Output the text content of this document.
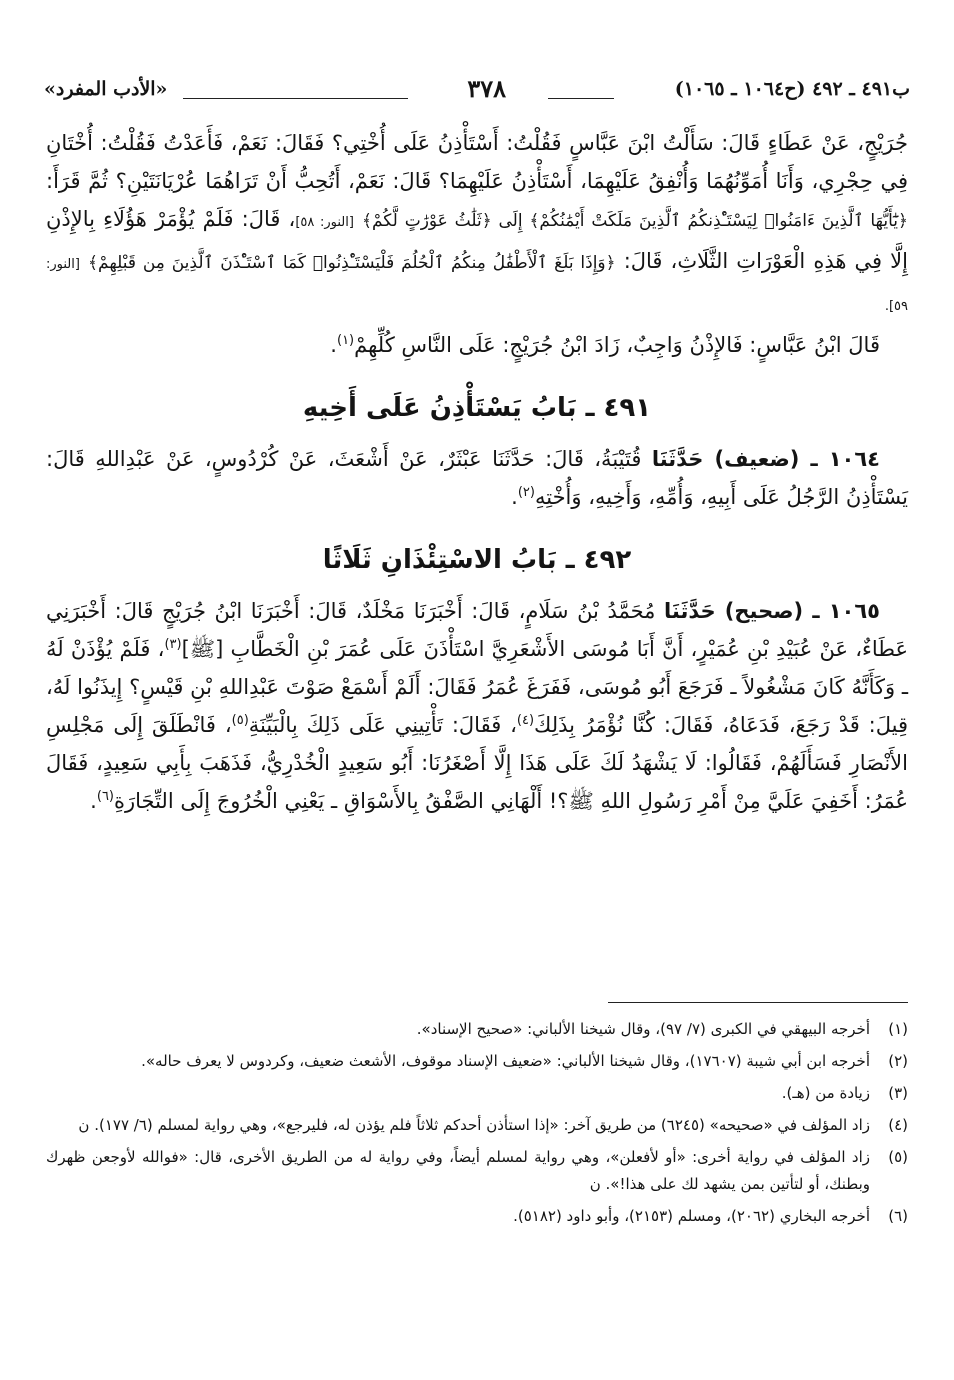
ب٤٩١ ـ ٤٩٢ (ح١٠٦٤ ـ ١٠٦٥)
٣٧٨
«الأدب المفرد»

جُرَيْجٍ، عَنْ عَطَاءٍ قَالَ: سَأَلْتُ ابْنَ عَبَّاسٍ فَقُلْتُ: أَسْتَأْذِنُ عَلَى أُخْتِي؟ فَقَالَ: نَعَمْ، فَأَعَدْتُ فَقُلْتُ: أُخْتَانِ فِي حِجْرِي، وَأَنَا أُمَوِّنُهُمَا وَأُنْفِقُ عَلَيْهِمَا، أَسْتَأْذِنُ عَلَيْهِمَا؟ قَالَ: نَعَمْ، أَتُحِبُّ أَنْ تَرَاهُمَا عُرْيَانَتَيْنِ؟ ثُمَّ قَرَأَ: ﴿يَٰٓأَيُّهَا ٱلَّذِينَ ءَامَنُوا۟ لِيَسْتَـْٔذِنكُمُ ٱلَّذِينَ مَلَكَتْ أَيْمَٰنُكُمْ﴾ إِلَى ﴿ثَلَٰثُ عَوْرَٰتٍ لَّكُمْ﴾ [النور: ٥٨]، قَالَ: فَلَمْ يُؤْمَرْ هَؤُلَاءِ بِالإِذْنِ إِلَّا فِي هَذِهِ الْعَوْرَاتِ الثَّلَاثِ، قَالَ: ﴿وَإِذَا بَلَغَ ٱلْأَطْفَٰلُ مِنكُمُ ٱلْحُلُمَ فَلْيَسْتَـْٔذِنُوا۟ كَمَا ٱسْتَـْٔذَنَ ٱلَّذِينَ مِن قَبْلِهِمْ﴾ [النور: ٥٩].

قَالَ ابْنُ عَبَّاسٍ: فَالإِذْنُ وَاجِبٌ، زَادَ ابْنُ جُرَيْجٍ: عَلَى النَّاسِ كُلِّهِمْ$^{(١)}$.

٤٩١ ـ بَابُ يَسْتَأْذِنُ عَلَى أَخِيهِ

١٠٦٤ ـ (ضعيف) حَدَّثَنَا قُتَيْبَةُ، قَالَ: حَدَّثَنَا عَبْثَرٌ، عَنْ أَشْعَثَ، عَنْ كُرْدُوسٍ، عَنْ عَبْدِاللهِ قَالَ: يَسْتَأْذِنُ الرَّجُلُ عَلَى أَبِيهِ، وَأُمِّهِ، وَأَخِيهِ، وَأُخْتِهِ$^{(٢)}$.

٤٩٢ ـ بَابُ الاسْتِئْذَانِ ثَلَاثًا

١٠٦٥ ـ (صحيح) حَدَّثَنَا مُحَمَّدُ بْنُ سَلَامٍ، قَالَ: أَخْبَرَنَا مَخْلَدٌ، قَالَ: أَخْبَرَنَا ابْنُ جُرَيْجٍ قَالَ: أَخْبَرَنِي عَطَاءٌ، عَنْ عُبَيْدِ بْنِ عُمَيْرٍ، أَنَّ أَبَا مُوسَى الأَشْعَرِيَّ اسْتَأْذَنَ عَلَى عُمَرَ بْنِ الْخَطَّابِ [ﷺ]$^{(٣)}$، فَلَمْ يُؤْذَنْ لَهُ ـ وَكَأَنَّهُ كَانَ مَشْغُولاً ـ فَرَجَعَ أَبُو مُوسَى، فَفَرَغَ عُمَرُ فَقَالَ: أَلَمْ أَسْمَعْ صَوْتَ عَبْدِاللهِ بْنِ قَيْسٍ؟ إِيذَنُوا لَهُ، قِيلَ: قَدْ رَجَعَ، فَدَعَاهُ، فَقَالَ: كُنَّا نُؤْمَرُ بِذَلِكَ$^{(٤)}$، فَقَالَ: تَأْتِينِي عَلَى ذَلِكَ بِالْبَيِّنَةِ$^{(٥)}$، فَانْطَلَقَ إِلَى مَجْلِسِ الأَنْصَارِ فَسَأَلَهُمْ، فَقَالُوا: لَا يَشْهَدُ لَكَ عَلَى هَذَا إِلَّا أَصْغَرُنَا: أَبُو سَعِيدٍ الْخُدْرِيُّ، فَذَهَبَ بِأَبِي سَعِيدٍ، فَقَالَ عُمَرُ: أَخَفِيَ عَلَيَّ مِنْ أَمْرِ رَسُولِ اللهِ ﷺ؟! أَلْهَانِي الصَّفْقُ بِالأَسْوَاقِ ـ يَعْنِي الْخُرُوجَ إِلَى التِّجَارَةِ$^{(٦)}$.

(١)
أخرجه البيهقي في الكبرى (٧/ ٩٧)، وقال شيخنا الألباني: «صحيح الإسناد».
(٢)
أخرجه ابن أبي شيبة (١٧٦٠٧)، وقال شيخنا الألباني: «ضعيف الإسناد موقوف، الأشعث ضعيف، وكردوس لا يعرف حاله».
(٣)
زيادة من (هـ).
(٤)
زاد المؤلف في «صحيحه» (٦٢٤٥) من طريق آخر: «إذا استأذن أحدكم ثلاثاً فلم يؤذن له، فليرجع»، وهي رواية لمسلم (٦/ ١٧٧). ن
(٥)
زاد المؤلف في رواية أخرى: «أو لأفعلن»، وهي رواية لمسلم أيضاً، وفي رواية له من الطريق الأخرى، قال: «فوالله لأوجعن ظهرك وبطنك، أو لتأتين بمن يشهد لك على هذا!». ن
(٦)
أخرجه البخاري (٢٠٦٢)، ومسلم (٢١٥٣)، وأبو داود (٥١٨٢).
